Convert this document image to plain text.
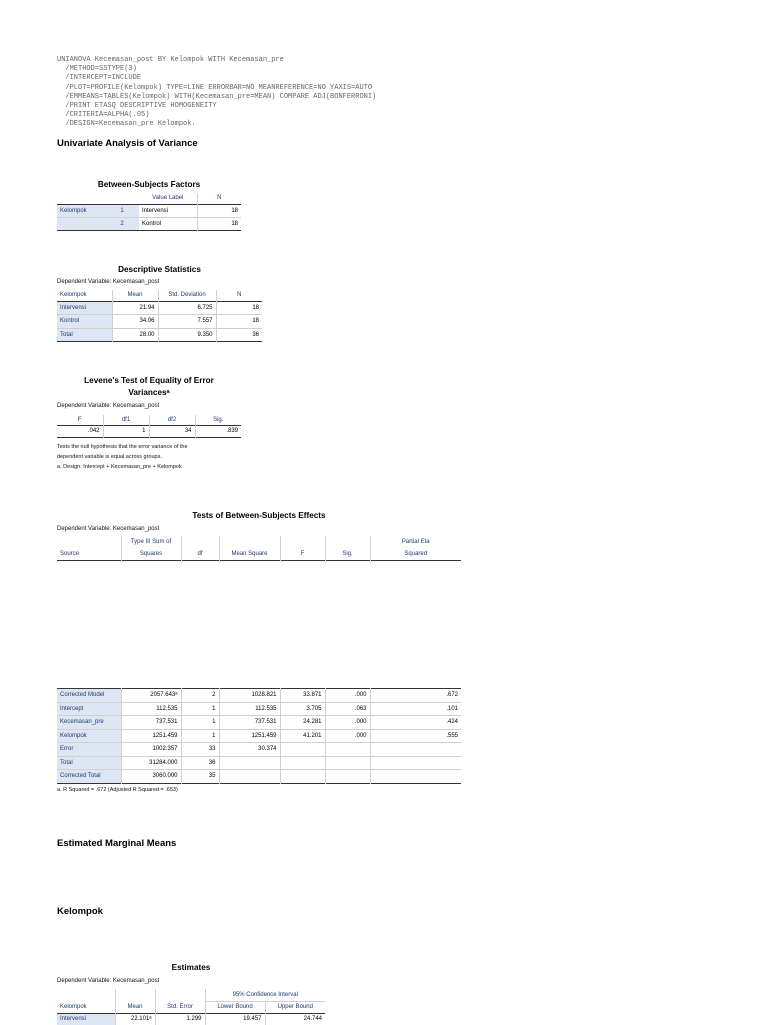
UNIANOVA Kecemasan_post BY Kelompok WITH Kecemasan_pre
/METHOD=SSTYPE(3)
/INTERCEPT=INCLUDE
/PLOT=PROFILE(Kelompok) TYPE=LINE ERRORBAR=NO MEANREFERENCE=NO YAXIS=AUTO
/EMMEANS=TABLES(Kelompok) WITH(Kecemasan_pre=MEAN) COMPARE ADJ(BONFERRONI)
/PRINT ETASQ DESCRIPTIVE HOMOGENEITY
/CRITERIA=ALPHA(.05)
/DESIGN=Kecemasan_pre Kelompok.
Univariate Analysis of Variance
Between-Subjects Factors
		Value Label	N
Kelompok	1	Intervensi	18
	2	Kontrol	18
Descriptive Statistics
Dependent Variable: Kecemasan_post
Kelompok	Mean	Std. Deviation	N
Intervensi	21.94	6.725	18
Kontrol	34.06	7.557	18
Total	28.00	9.350	36
Levene's Test of Equality of Error
Variancesᵃ
Dependent Variable: Kecemasan_post
F	df1	df2	Sig.
.042	1	34	.839
Tests the null hypothesis that the error variance of the
dependent variable is equal across groups.
a. Design: Intercept + Kecemasan_pre + Kelompok
Tests of Between-Subjects Effects
Dependent Variable: Kecemasan_post
	Type III Sum of					Partial Eta
Source	Squares	df	Mean Square	F	Sig.	Squared
Corrected Model	2057.643ᵃ	2	1028.821	33.871	.000	.672
Intercept	112.535	1	112.535	3.705	.063	.101
Kecemasan_pre	737.531	1	737.531	24.281	.000	.424
Kelompok	1251.459	1	1251.459	41.201	.000	.555
Error	1002.357	33	30.374			
Total	31284.000	36				
Corrected Total	3060.000	35				
a. R Squared = .672 (Adjusted R Squared = .653)
Estimated Marginal Means
Kelompok
Estimates
Dependent Variable: Kecemasan_post
			95% Confidence Interval	
Kelompok	Mean	Std. Error	Lower Bound	Upper Bound
Intervensi	22.101ᵃ	1.299	19.457	24.744
